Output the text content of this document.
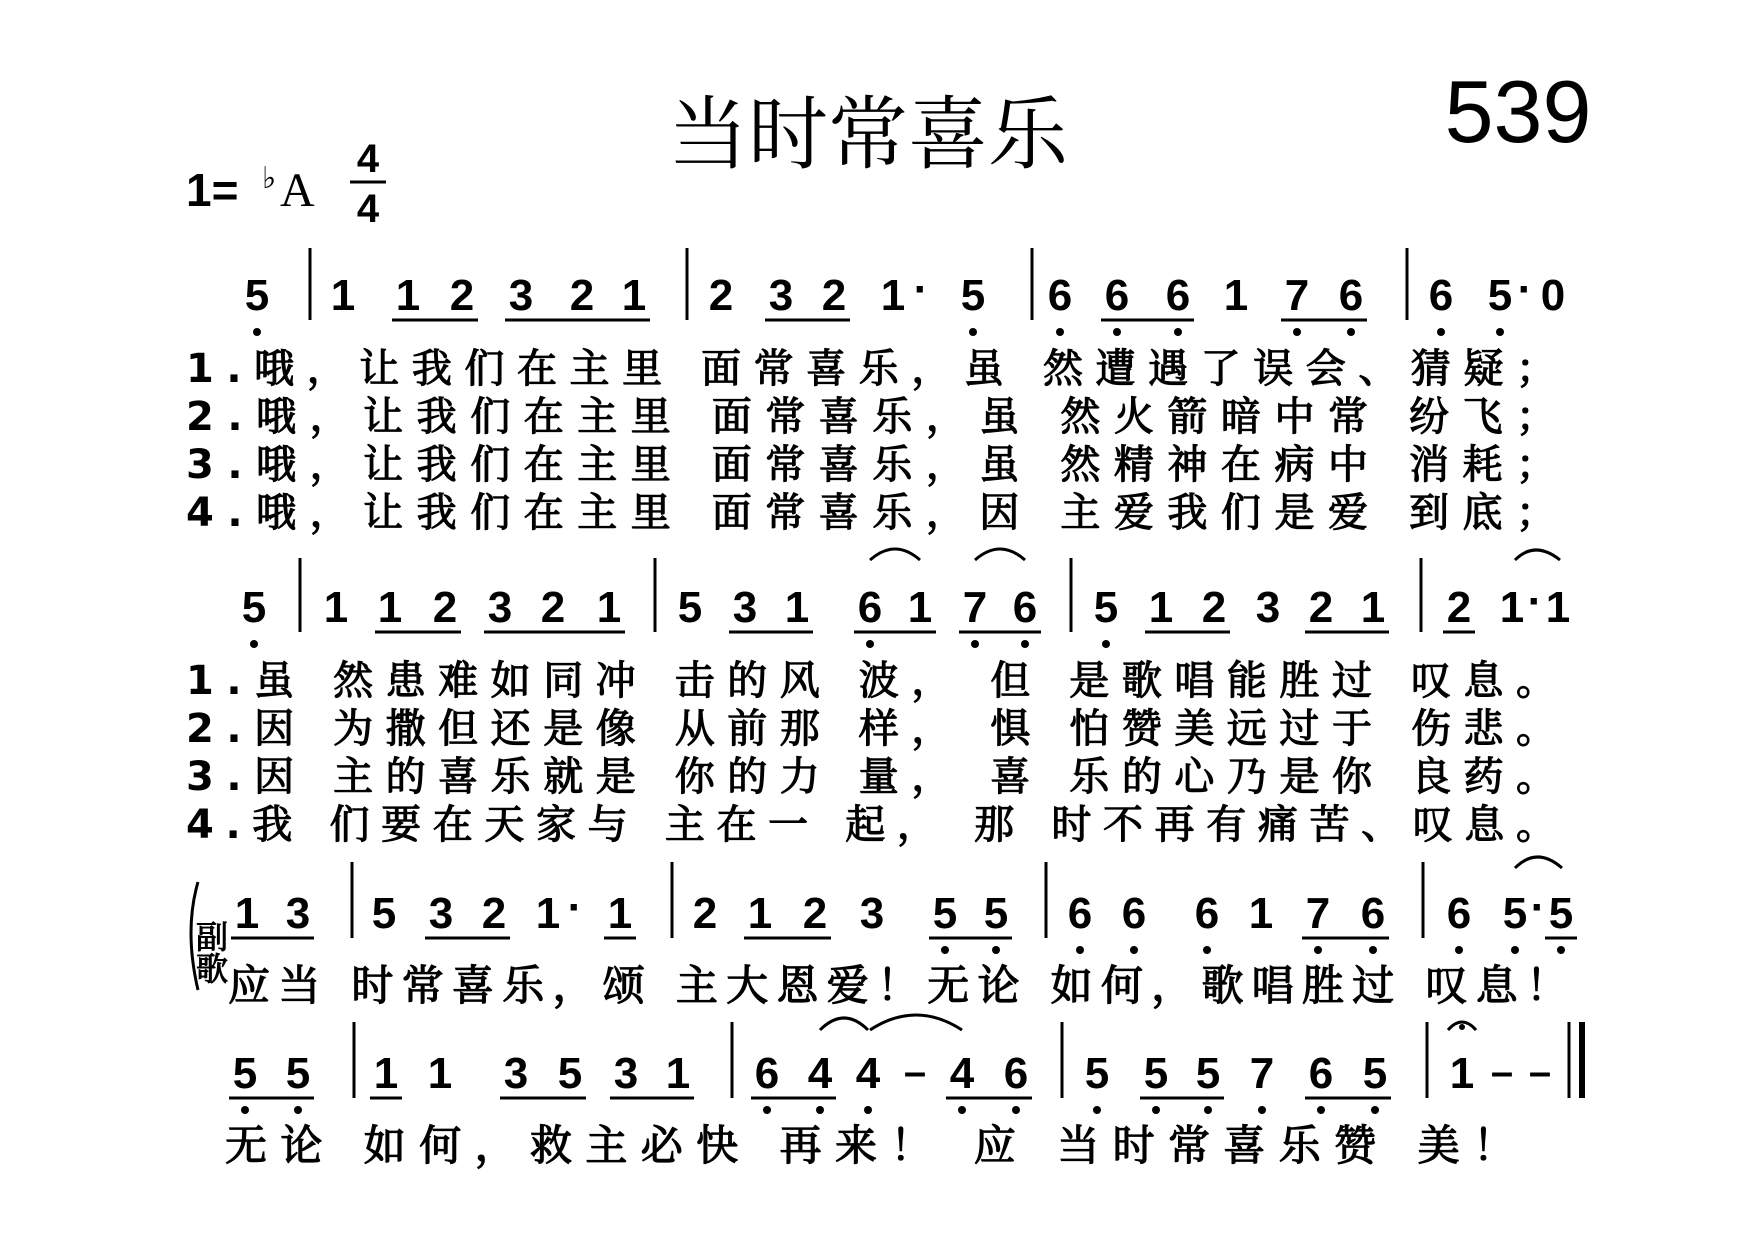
当时常喜乐	539
1= ♭ A
4
4
5 1 1 2 3 2 1 2 3 2 1 · 5 6 6 6 1 7 6 6 5 · 0
1.哦，让我们在主里 面常喜乐，虽 然遭遇了误会、猜疑；
2.哦，让我们在主里 面常喜乐，虽 然火箭暗中常 纷飞；
3.哦，让我们在主里 面常喜乐，虽 然精神在病中 消耗；
4.哦，让我们在主里 面常喜乐，因 主爱我们是爱 到底；
5 1 1 2 3 2 1 5 3 1 6 1 7 6 5 1 2 3 2 1 2 1 · 1
1.虽 然患难如同冲 击的风 波， 但 是歌唱能胜过 叹息。
2.因 为撒但还是像 从前那 样， 惧 怕赞美远过于 伤悲。
3.因 主的喜乐就是 你的力 量， 喜 乐的心乃是你 良药。
4.我 们要在天家与 主在一 起， 那 时不再有痛苦、叹息。
副歌
1 3 5 3 2 1 · 1 2 1 2 3 5 5 6 6 6 1 7 6 6 5 · 5
应当 时常喜乐，颂 主大恩爱！无论 如何，歌唱胜过 叹息！
5 5 1 1 3 5 3 1 6 4 4 – 4 6 5 5 5 7 6 5 1 – –
无论 如何，救主必快 再来！ 应 当时常喜乐赞 美！
